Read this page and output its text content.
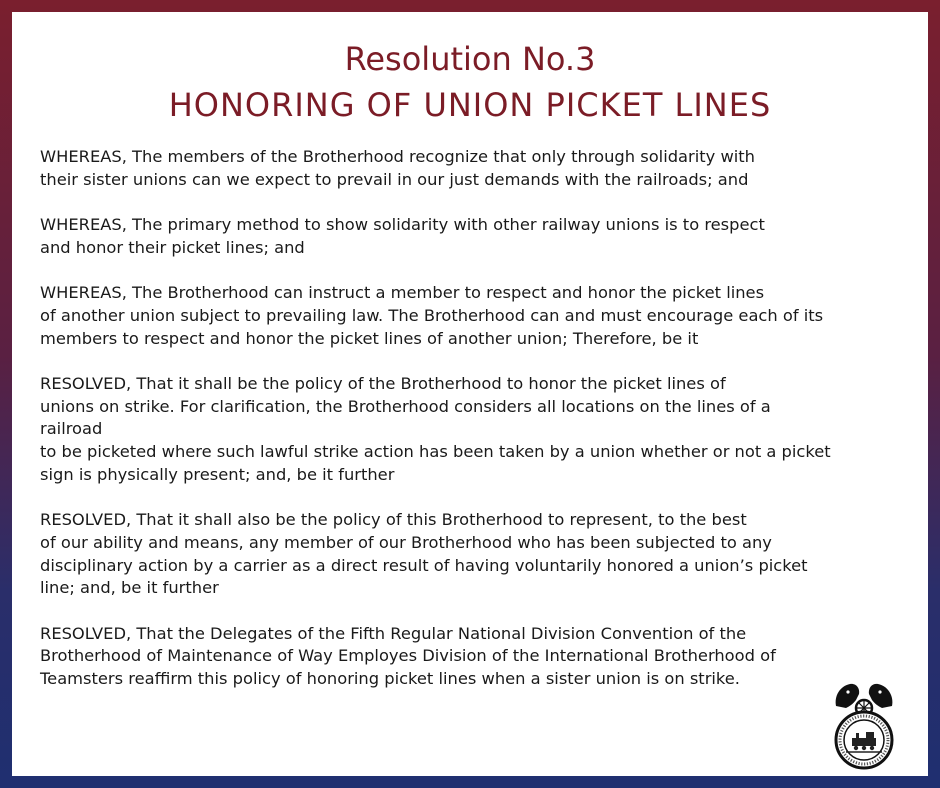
Resolution No.3
HONORING OF UNION PICKET LINES

WHEREAS, The members of the Brotherhood recognize that only through solidarity with
their sister unions can we expect to prevail in our just demands with the railroads; and

WHEREAS, The primary method to show solidarity with other railway unions is to respect
and honor their picket lines; and

WHEREAS, The Brotherhood can instruct a member to respect and honor the picket lines
of another union subject to prevailing law. The Brotherhood can and must encourage each of its
members to respect and honor the picket lines of another union; Therefore, be it

RESOLVED, That it shall be the policy of the Brotherhood to honor the picket lines of
unions on strike. For clarification, the Brotherhood considers all locations on the lines of a
railroad
to be picketed where such lawful strike action has been taken by a union whether or not a picket
sign is physically present; and, be it further

RESOLVED, That it shall also be the policy of this Brotherhood to represent, to the best
of our ability and means, any member of our Brotherhood who has been subjected to any
disciplinary action by a carrier as a direct result of having voluntarily honored a union’s picket
line; and, be it further

RESOLVED, That the Delegates of the Fifth Regular National Division Convention of the
Brotherhood of Maintenance of Way Employes Division of the International Brotherhood of
Teamsters reaffirm this policy of honoring picket lines when a sister union is on strike.
